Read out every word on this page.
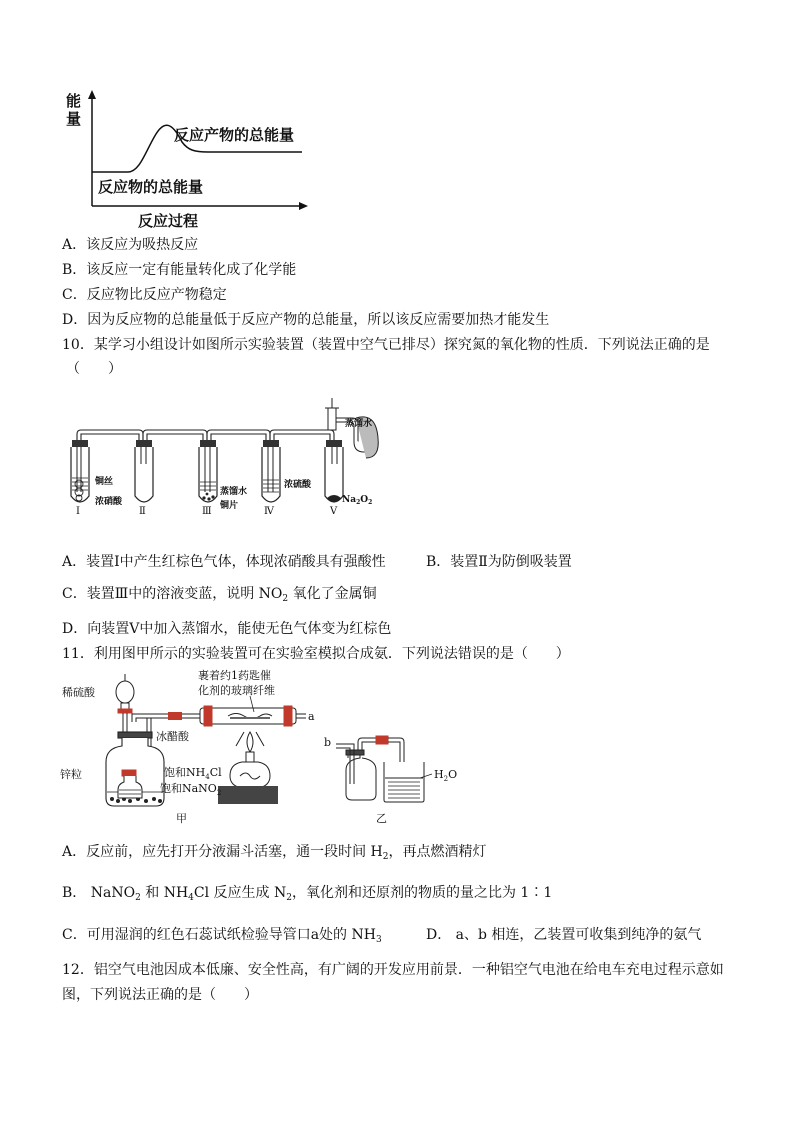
能
量
反应产物的总能量
反应物的总能量
反应过程
A．该反应为吸热反应
B．该反应一定有能量转化成了化学能
C．反应物比反应产物稳定
D．因为反应物的总能量低于反应产物的总能量，所以该反应需要加热才能发生
10．某学习小组设计如图所示实验装置（装置中空气已排尽）探究氮的氧化物的性质．下列说法正确的是
（　　）
铜丝
浓硝酸
蒸馏水
铜片
浓硫酸
蒸馏水
$Na_2O_2$
Ⅰ	Ⅱ	Ⅲ	Ⅳ	Ⅴ
A．装置Ⅰ中产生红棕色气体，体现浓硝酸具有强酸性	B．装置Ⅱ为防倒吸装置
C．装置Ⅲ中的溶液变蓝，说明 $NO_2$ 氧化了金属铜
D．向装置Ⅴ中加入蒸馏水，能使无色气体变为红棕色
11．利用图甲所示的实验装置可在实验室模拟合成氨．下列说法错误的是（　　）
稀硫酸
锌粒
冰醋酸
饱和$NH_4Cl$
饱和NaNO$_2$
裹着约1药匙催
化剂的玻璃纤维
a
b
$H_2O$
甲	乙
A．反应前，应先打开分液漏斗活塞，通一段时间 $H_2$，再点燃酒精灯
B． NaNO$_2$ 和 $NH_4Cl$ 反应生成 $N_2$，氧化剂和还原剂的物质的量之比为 1∶1
C．可用湿润的红色石蕊试纸检验导管口a处的 $NH_3$	D． a、b 相连，乙装置可收集到纯净的氨气
12．铝空气电池因成本低廉、安全性高，有广阔的开发应用前景．一种铝空气电池在给电车充电过程示意如
图，下列说法正确的是（　　）
